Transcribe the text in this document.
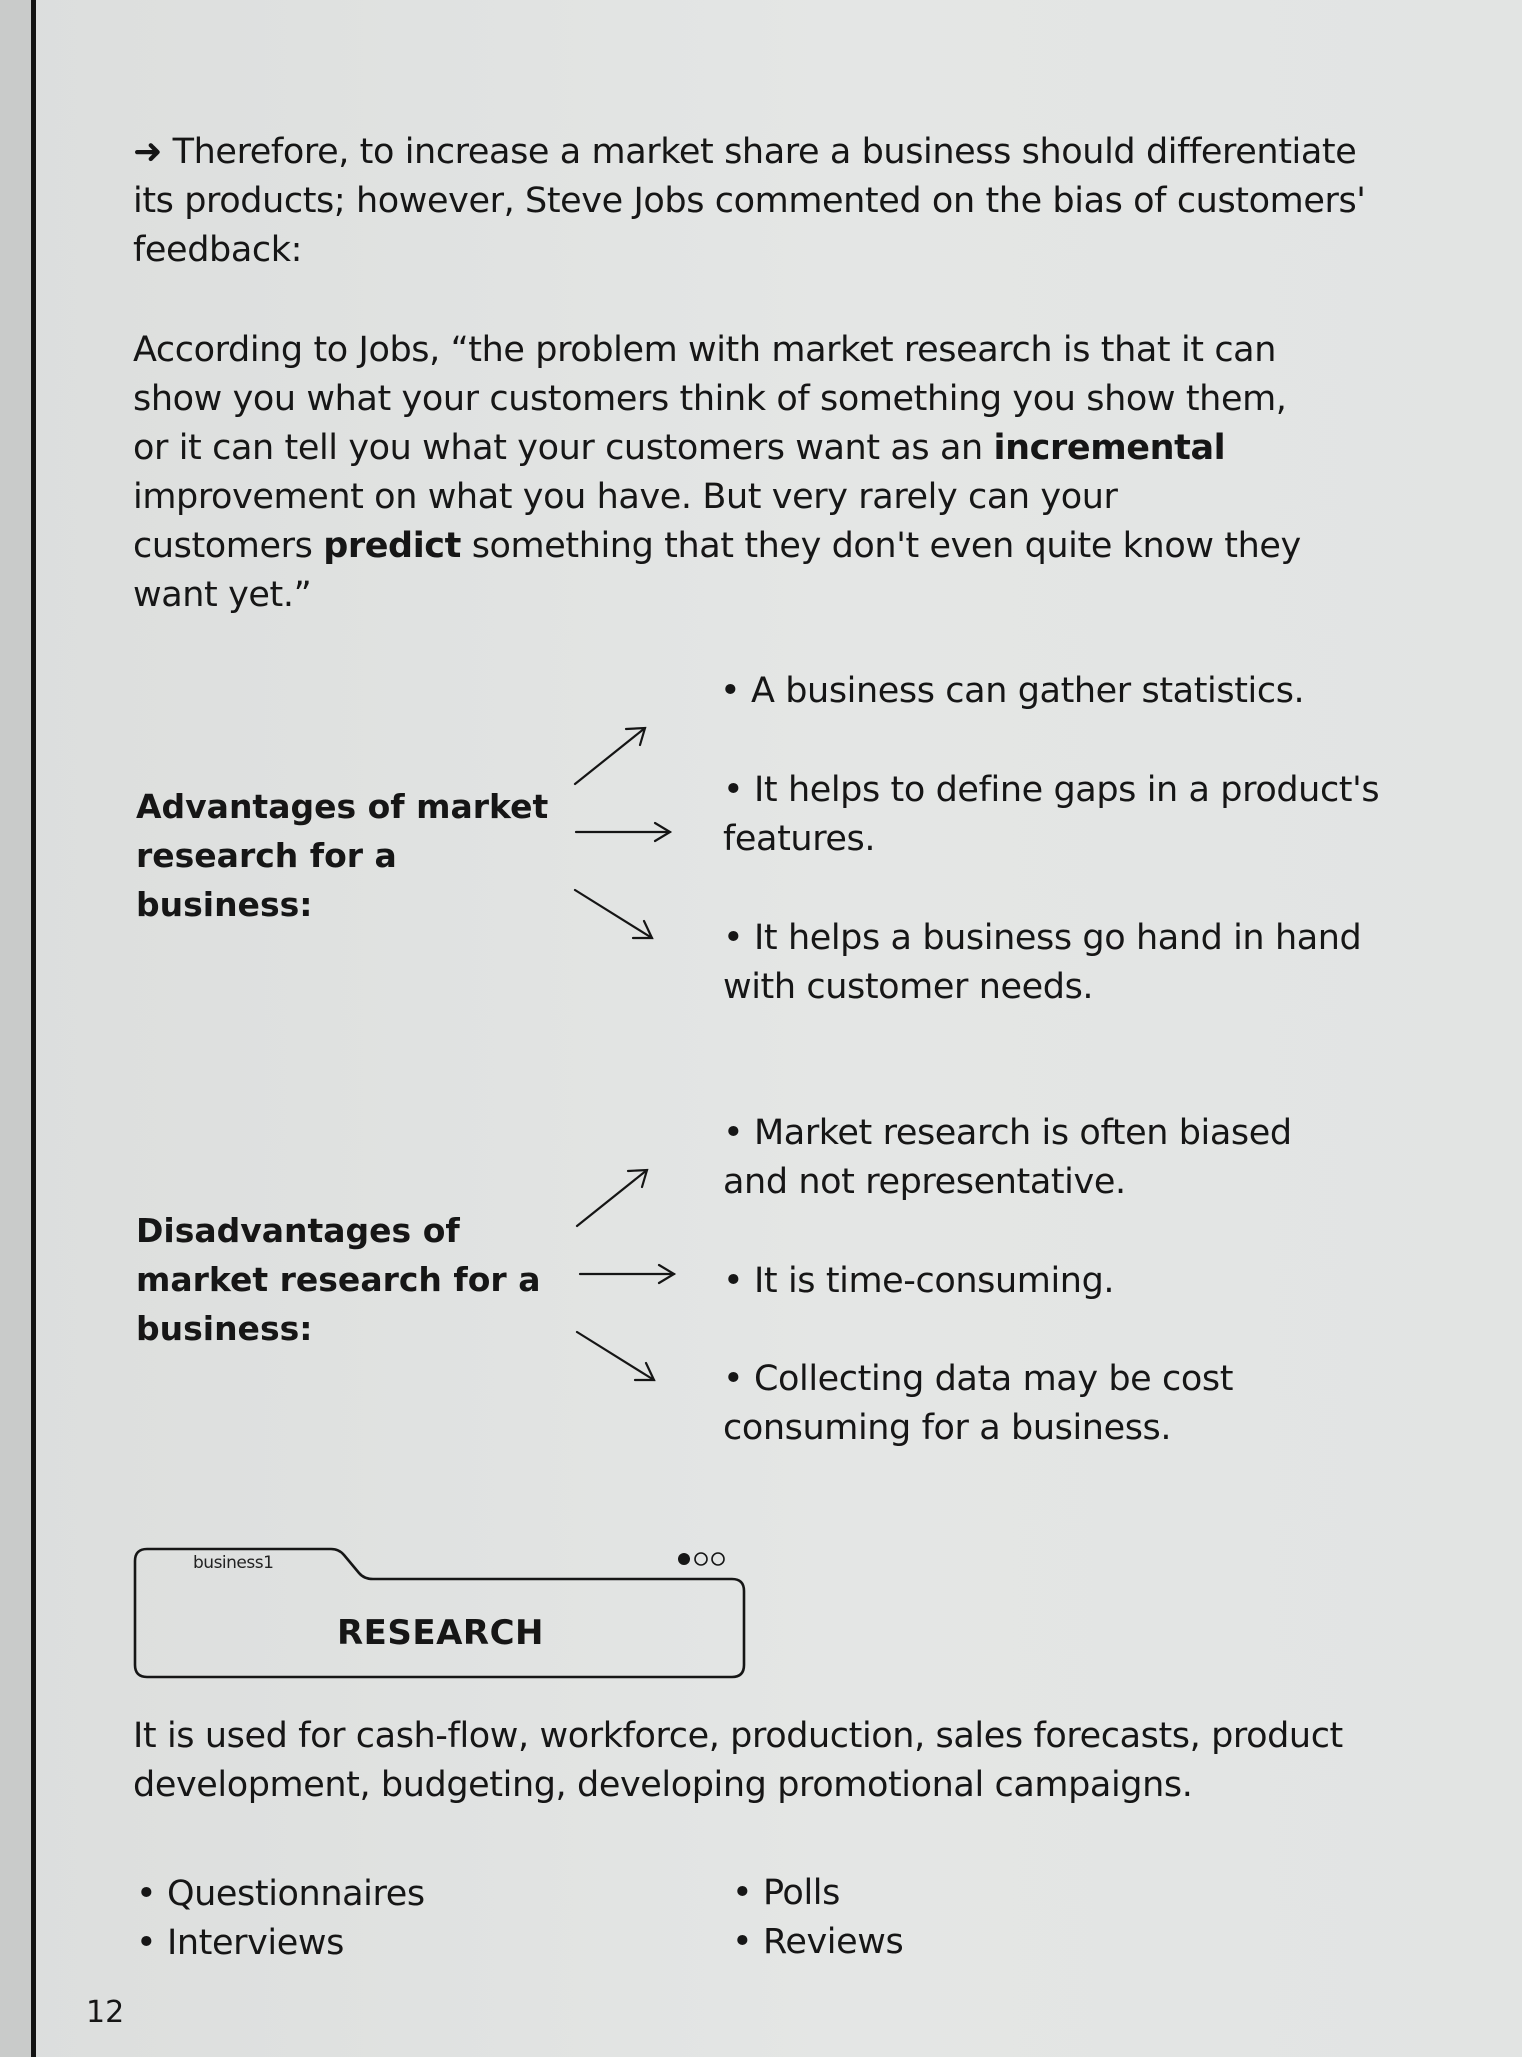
➜ Therefore, to increase a market share a business should differentiate its products; however, Steve Jobs commented on the bias of customers' feedback:
According to Jobs, “the problem with market research is that it can show you what your customers think of something you show them, or it can tell you what your customers want as an incremental improvement on what you have. But very rarely can your customers predict something that they don't even quite know they want yet.”
Advantages of market research for a business:
• A business can gather statistics.
• It helps to define gaps in a product's features.
• It helps a business go hand in hand with customer needs.
Disadvantages of market research for a business:
• Market research is often biased and not representative.
• It is time-consuming.
• Collecting data may be cost consuming for a business.
business1
RESEARCH
It is used for cash-flow, workforce, production, sales forecasts, product development, budgeting, developing promotional campaigns.
• Questionnaires
• Interviews
• Polls
• Reviews
12
